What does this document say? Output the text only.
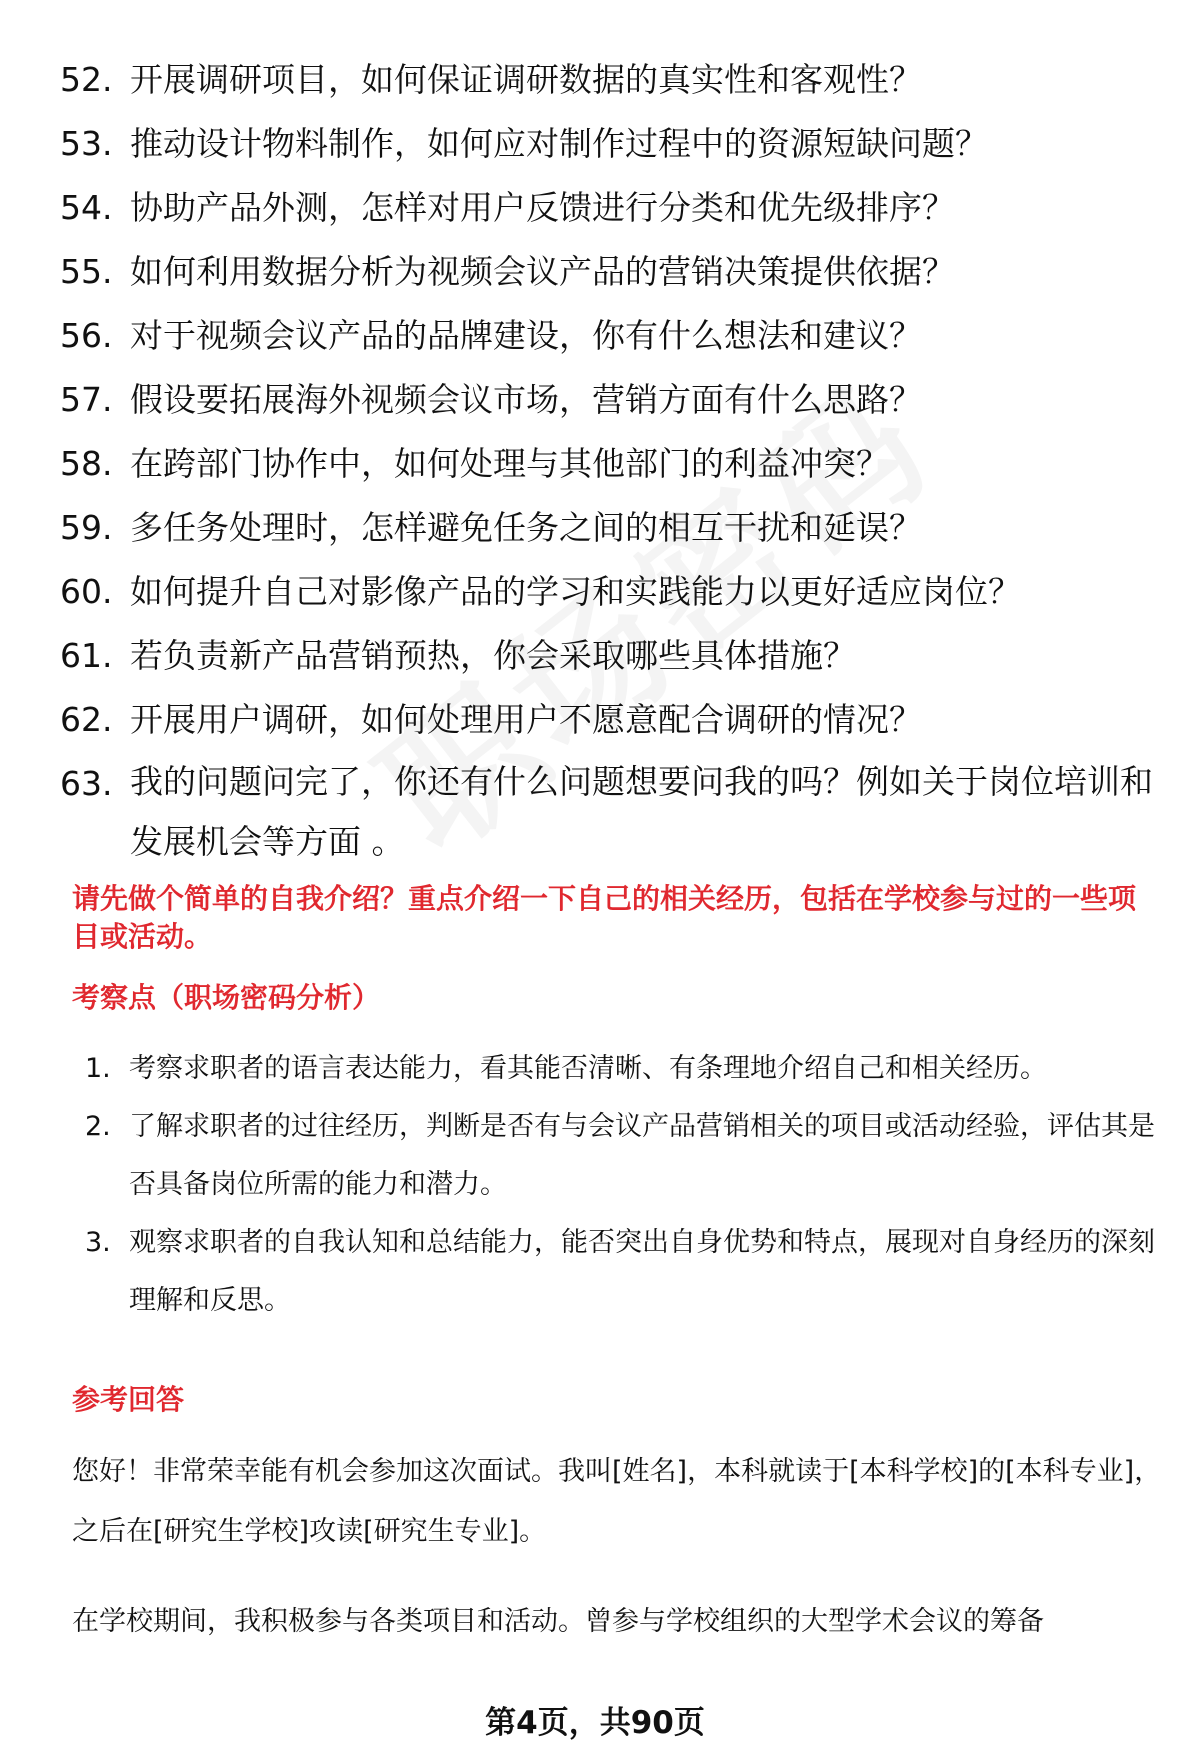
52. 开展调研项目，如何保证调研数据的真实性和客观性？
53. 推动设计物料制作，如何应对制作过程中的资源短缺问题？
54. 协助产品外测，怎样对用户反馈进行分类和优先级排序？
55. 如何利用数据分析为视频会议产品的营销决策提供依据？
56. 对于视频会议产品的品牌建设，你有什么想法和建议？
57. 假设要拓展海外视频会议市场，营销方面有什么思路？
58. 在跨部门协作中，如何处理与其他部门的利益冲突？
59. 多任务处理时，怎样避免任务之间的相互干扰和延误？
60. 如何提升自己对影像产品的学习和实践能力以更好适应岗位？
61. 若负责新产品营销预热，你会采取哪些具体措施？
62. 开展用户调研，如何处理用户不愿意配合调研的情况？
63. 我的问题问完了，你还有什么问题想要问我的吗？例如关于岗位培训和发展机会等方面 。
请先做个简单的自我介绍？重点介绍一下自己的相关经历，包括在学校参与过的一些项目或活动。
考察点（职场密码分析）
1. 考察求职者的语言表达能力，看其能否清晰、有条理地介绍自己和相关经历。
2. 了解求职者的过往经历，判断是否有与会议产品营销相关的项目或活动经验，评估其是否具备岗位所需的能力和潜力。
3. 观察求职者的自我认知和总结能力，能否突出自身优势和特点，展现对自身经历的深刻理解和反思。
参考回答
您好！非常荣幸能有机会参加这次面试。我叫[姓名]，本科就读于[本科学校]的[本科专业]，之后在[研究生学校]攻读[研究生专业]。
在学校期间，我积极参与各类项目和活动。曾参与学校组织的大型学术会议的筹备
第4页，共90页
